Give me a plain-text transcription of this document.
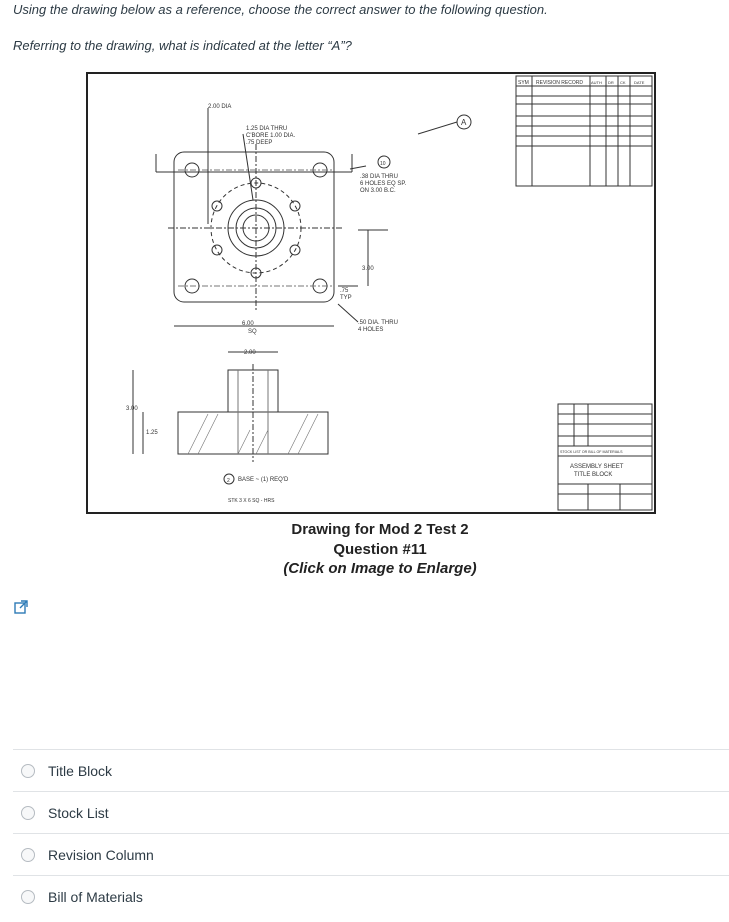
Using the drawing below as a reference, choose the correct answer to the following question.
Referring to the drawing, what is indicated at the letter “A”?
SYM REVISION RECORD AUTH DR CK DATE
A
2.00 DIA
1.25 DIA THRU
C'BORE 1.00 DIA.
.75 DEEP
10
.38 DIA THRU
6 HOLES EQ SP.
ON 3.00 B.C.
3.00
.75
TYP
6.00
SQ
.50 DIA. THRU
4 HOLES
2.00
3.00
1.25
2 BASE ~ (1) REQ'D
STK 3 X 6 SQ - HRS
STOCK LIST OR BILL OF MATERIALS
ASSEMBLY SHEET
TITLE BLOCK
Drawing for Mod 2 Test 2
Question #11
(Click on Image to Enlarge)
Title Block
Stock List
Revision Column
Bill of Materials
